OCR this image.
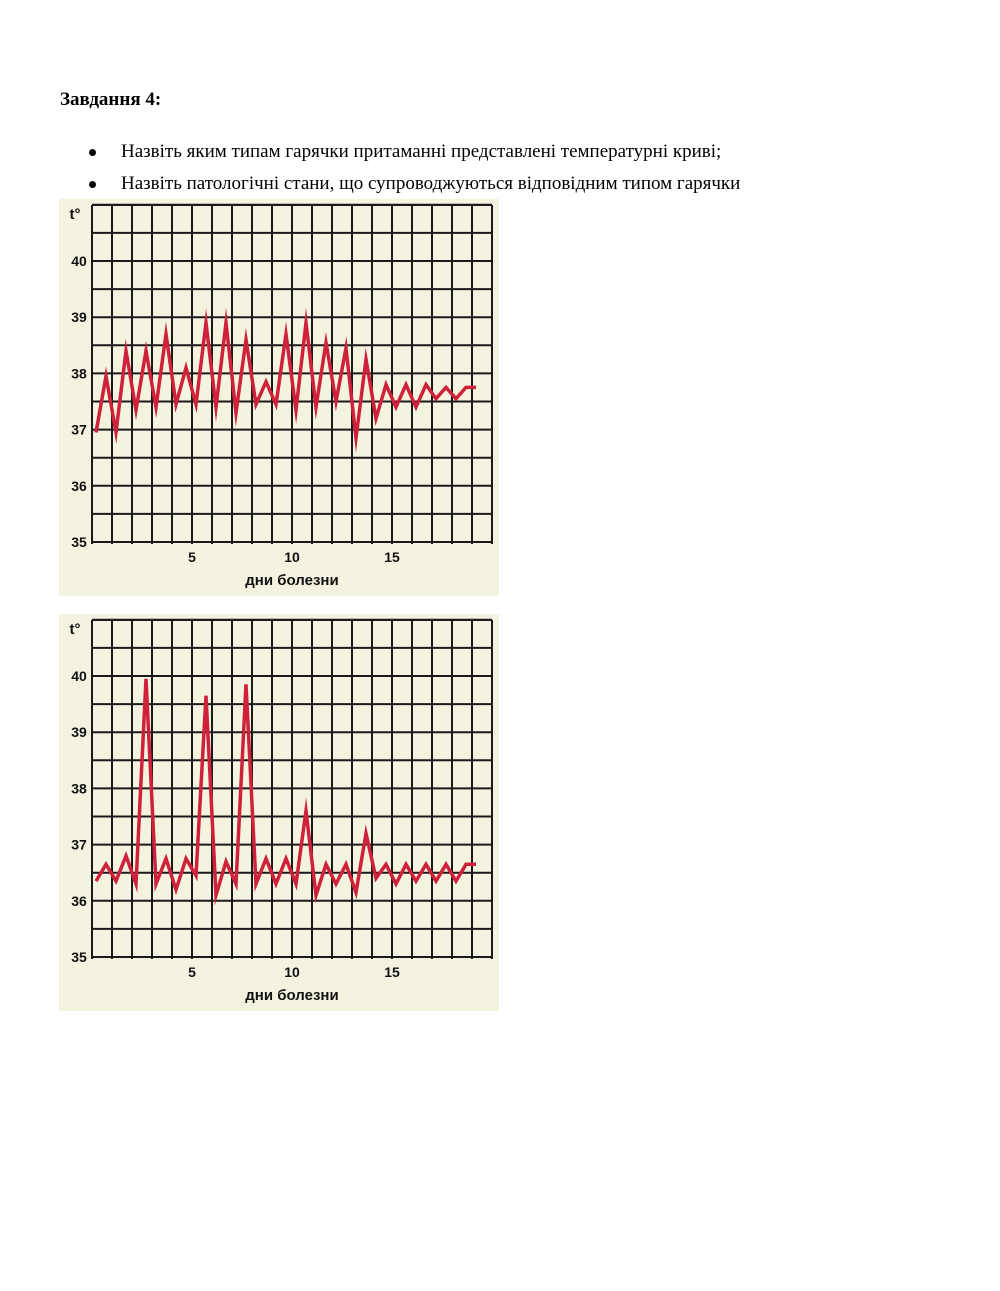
Завдання 4:
Назвіть яким типам гарячки притаманні представлені температурні криві;
Назвіть патологічні стани, що супроводжуються відповідним типом гарячки
35
36
37
38
39
40
t°
5	10	15
дни болезни
35
36
37
38
39
40
t°
5	10	15
дни болезни
